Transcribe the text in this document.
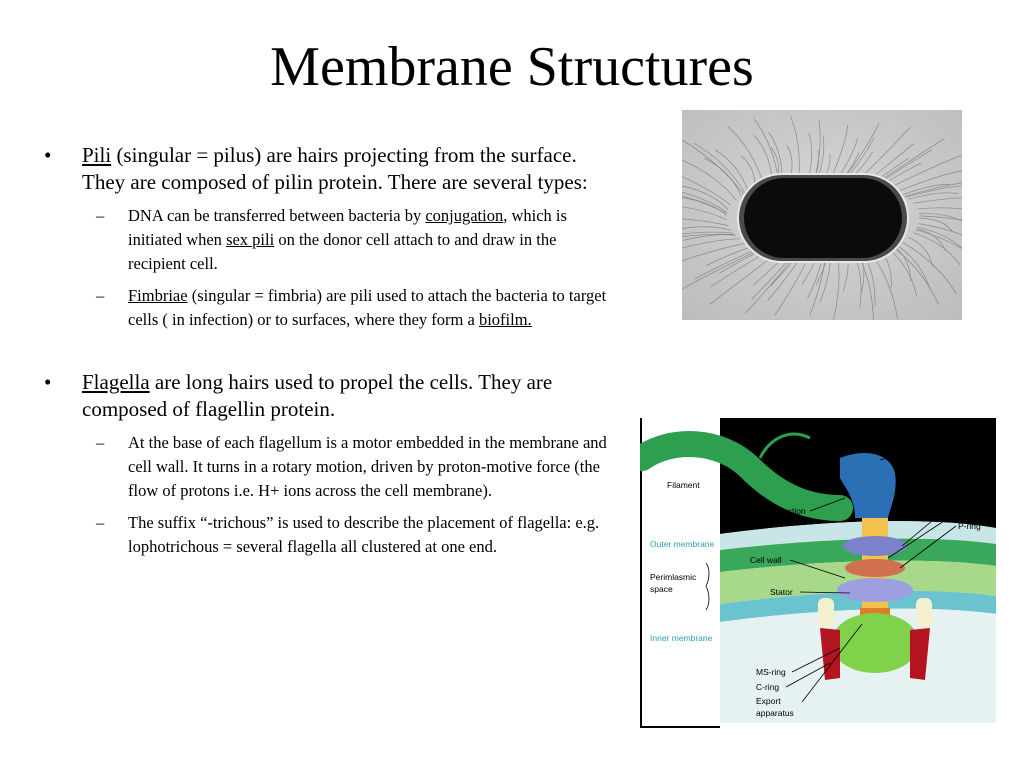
Membrane Structures
• Pili (singular = pilus) are hairs projecting from the surface. They are composed of pilin protein. There are several types:
– DNA can be transferred between bacteria by conjugation, which is initiated when sex pili on the donor cell attach to and draw in the recipient cell.
– Fimbriae (singular = fimbria) are pili used to attach the bacteria to target cells ( in infection) or to surfaces, where they form a biofilm.
• Flagella are long hairs used to propel the cells. They are composed of flagellin protein.
– At the base of each flagellum is a motor embedded in the membrane and cell wall. It turns in a rotary motion, driven by proton-motive force (the flow of protons i.e. H+ ions across the cell membrane).
– The suffix “-trichous” is used to describe the placement of flagella: e.g. lophotrichous = several flagella all clustered at one end.
Filament
Junction
Hook
L-ring
Rod
P-ring
Outer membrane
Cell wall
Perimlasmic
space	Stator
Inner membrane
MS-ring
C-ring
Export
apparatus
